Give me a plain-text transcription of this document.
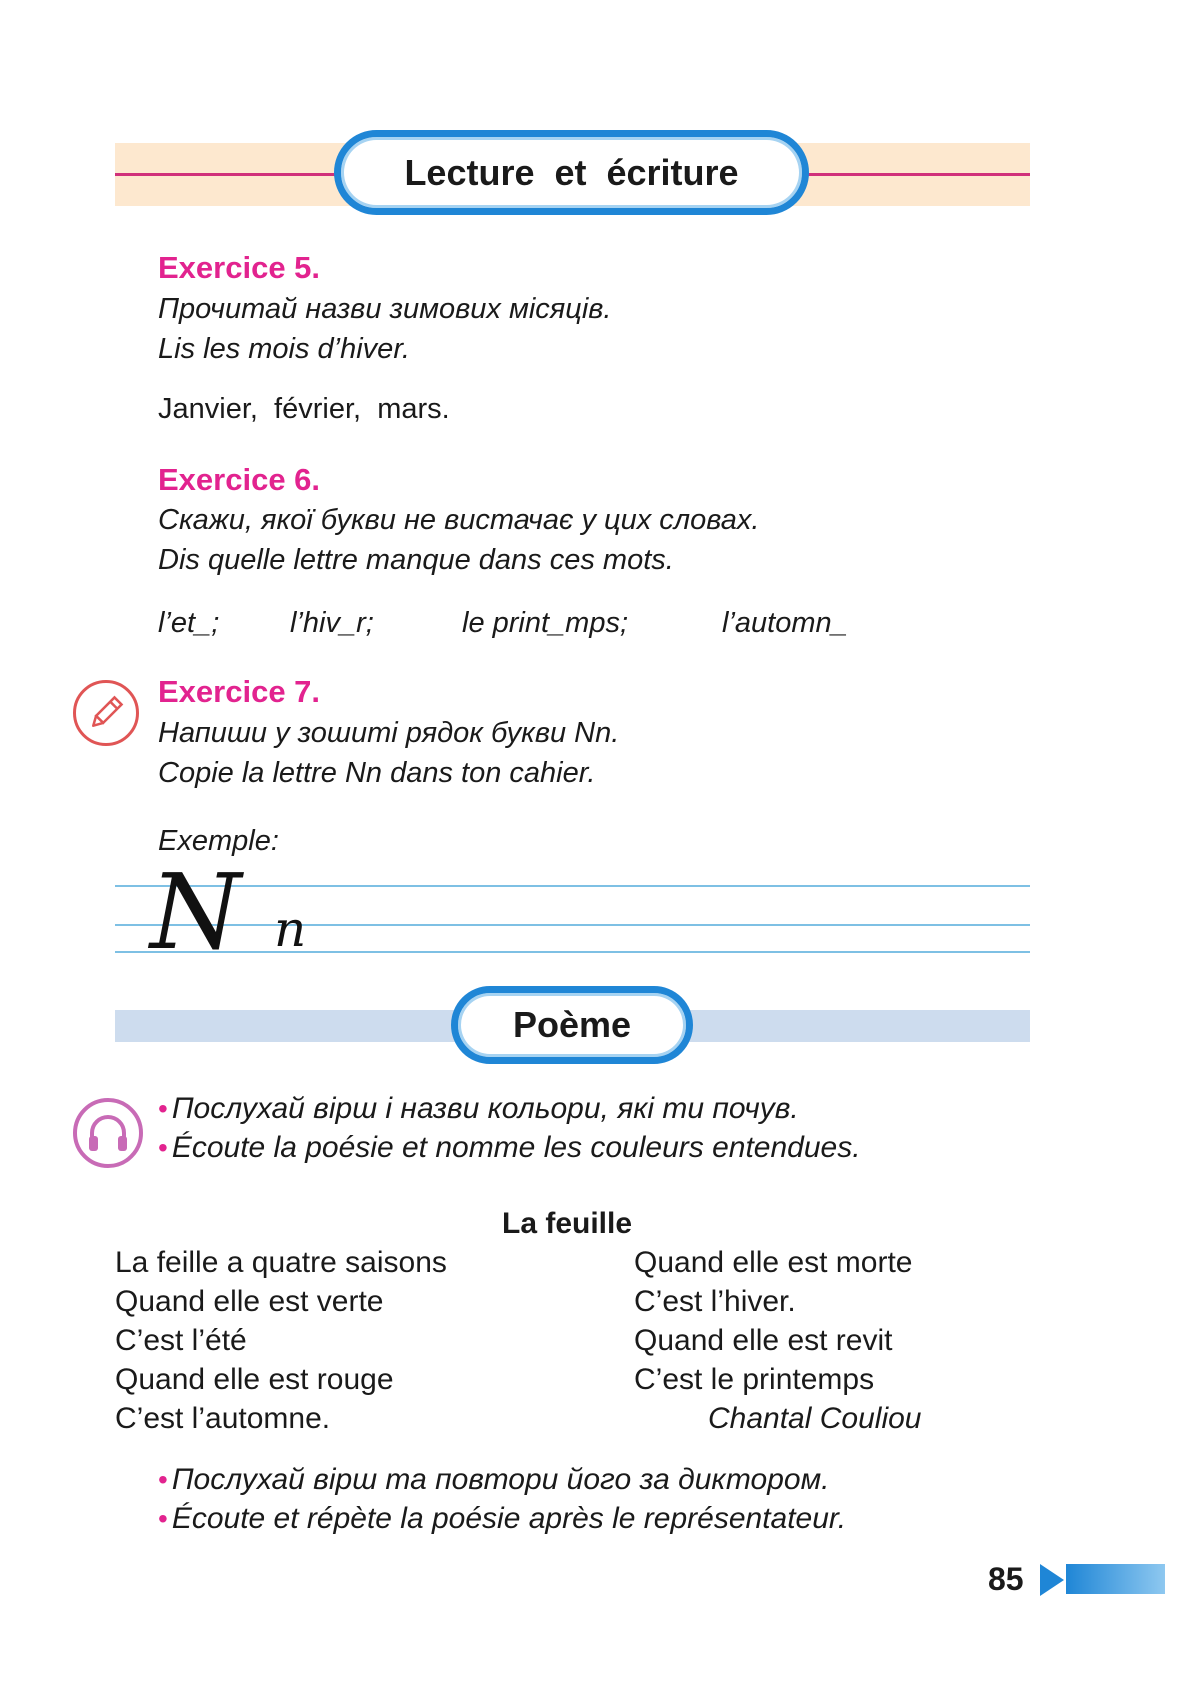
Lecture et écriture
Exercice 5.
Прочитай назви зимових місяців.
Lis les mois d’hiver.
Janvier,  février,  mars.
Exercice 6.
Скажи, якої букви не вистачає у цих словах.
Dis quelle lettre manque dans ces mots.
l’et_; l’hiv_r;	le print_mps;	l’automn_
Exercice 7.
Напиши у зошиті рядок букви Nn.
Copie la lettre Nn dans ton cahier.
Exemple:
N n
Poème
• Послухай вірш і назви кольори, які ти почув.
• Écoute la poésie et nomme les couleurs entendues.
La feuille
La feille a quatre saisons
Quand elle est verte
C’est l’été
Quand elle est rouge
C’est l’automne.
Quand elle est morte
C’est l’hiver.
Quand elle est revit
C’est le printemps
Chantal Couliou
• Послухай вірш та повтори його за диктором.
• Écoute et répète la poésie après le représentateur.
85
